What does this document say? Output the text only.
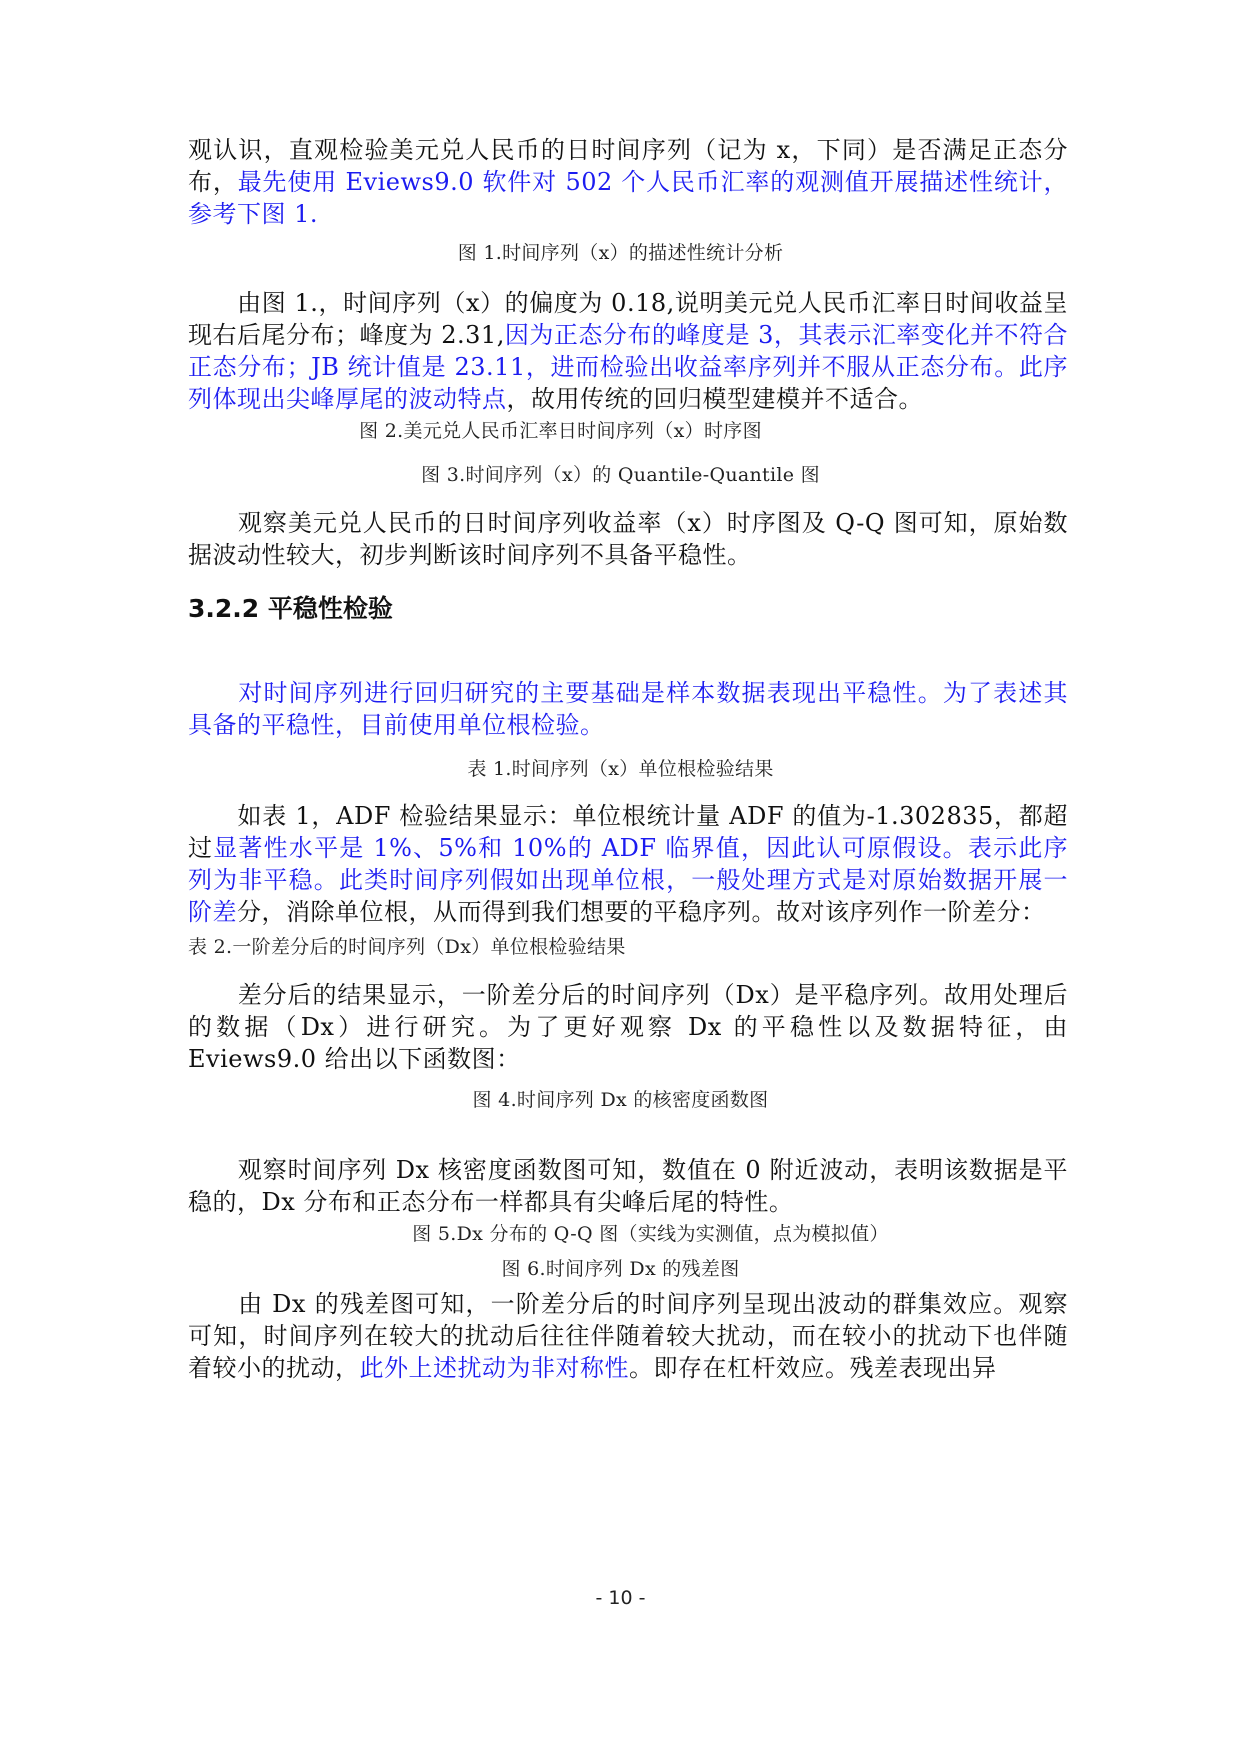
观认识，直观检验美元兑人民币的日时间序列（记为 x，下同）是否满足正态分布，最先使用 Eviews9.0 软件对 502 个人民币汇率的观测值开展描述性统计，参考下图 1.

图 1.时间序列（x）的描述性统计分析

　　由图 1.，时间序列（x）的偏度为 0.18,说明美元兑人民币汇率日时间收益呈现右后尾分布；峰度为 2.31,因为正态分布的峰度是 3，其表示汇率变化并不符合正态分布；JB 统计值是 23.11，进而检验出收益率序列并不服从正态分布。此序列体现出尖峰厚尾的波动特点，故用传统的回归模型建模并不适合。

图 2.美元兑人民币汇率日时间序列（x）时序图

图 3.时间序列（x）的 Quantile-Quantile 图

　　观察美元兑人民币的日时间序列收益率（x）时序图及 Q-Q 图可知，原始数据波动性较大，初步判断该时间序列不具备平稳性。

3.2.2 平稳性检验

　　对时间序列进行回归研究的主要基础是样本数据表现出平稳性。为了表述其具备的平稳性，目前使用单位根检验。

表 1.时间序列（x）单位根检验结果

　　如表 1，ADF 检验结果显示：单位根统计量 ADF 的值为-1.302835，都超过显著性水平是 1%、5%和 10%的 ADF 临界值，因此认可原假设。表示此序列为非平稳。此类时间序列假如出现单位根，一般处理方式是对原始数据开展一阶差分，消除单位根，从而得到我们想要的平稳序列。故对该序列作一阶差分：

表 2.一阶差分后的时间序列（Dx）单位根检验结果

　　差分后的结果显示，一阶差分后的时间序列（Dx）是平稳序列。故用处理后的数据（Dx）进行研究。为了更好观察 Dx 的平稳性以及数据特征，由 Eviews9.0 给出以下函数图：

图 4.时间序列 Dx 的核密度函数图

　　观察时间序列 Dx 核密度函数图可知，数值在 0 附近波动，表明该数据是平稳的，Dx 分布和正态分布一样都具有尖峰后尾的特性。

图 5.Dx 分布的 Q-Q 图（实线为实测值，点为模拟值）

图 6.时间序列 Dx 的残差图

　　由 Dx 的残差图可知，一阶差分后的时间序列呈现出波动的群集效应。观察可知，时间序列在较大的扰动后往往伴随着较大扰动，而在较小的扰动下也伴随着较小的扰动，此外上述扰动为非对称性。即存在杠杆效应。残差表现出异

- 10 -
